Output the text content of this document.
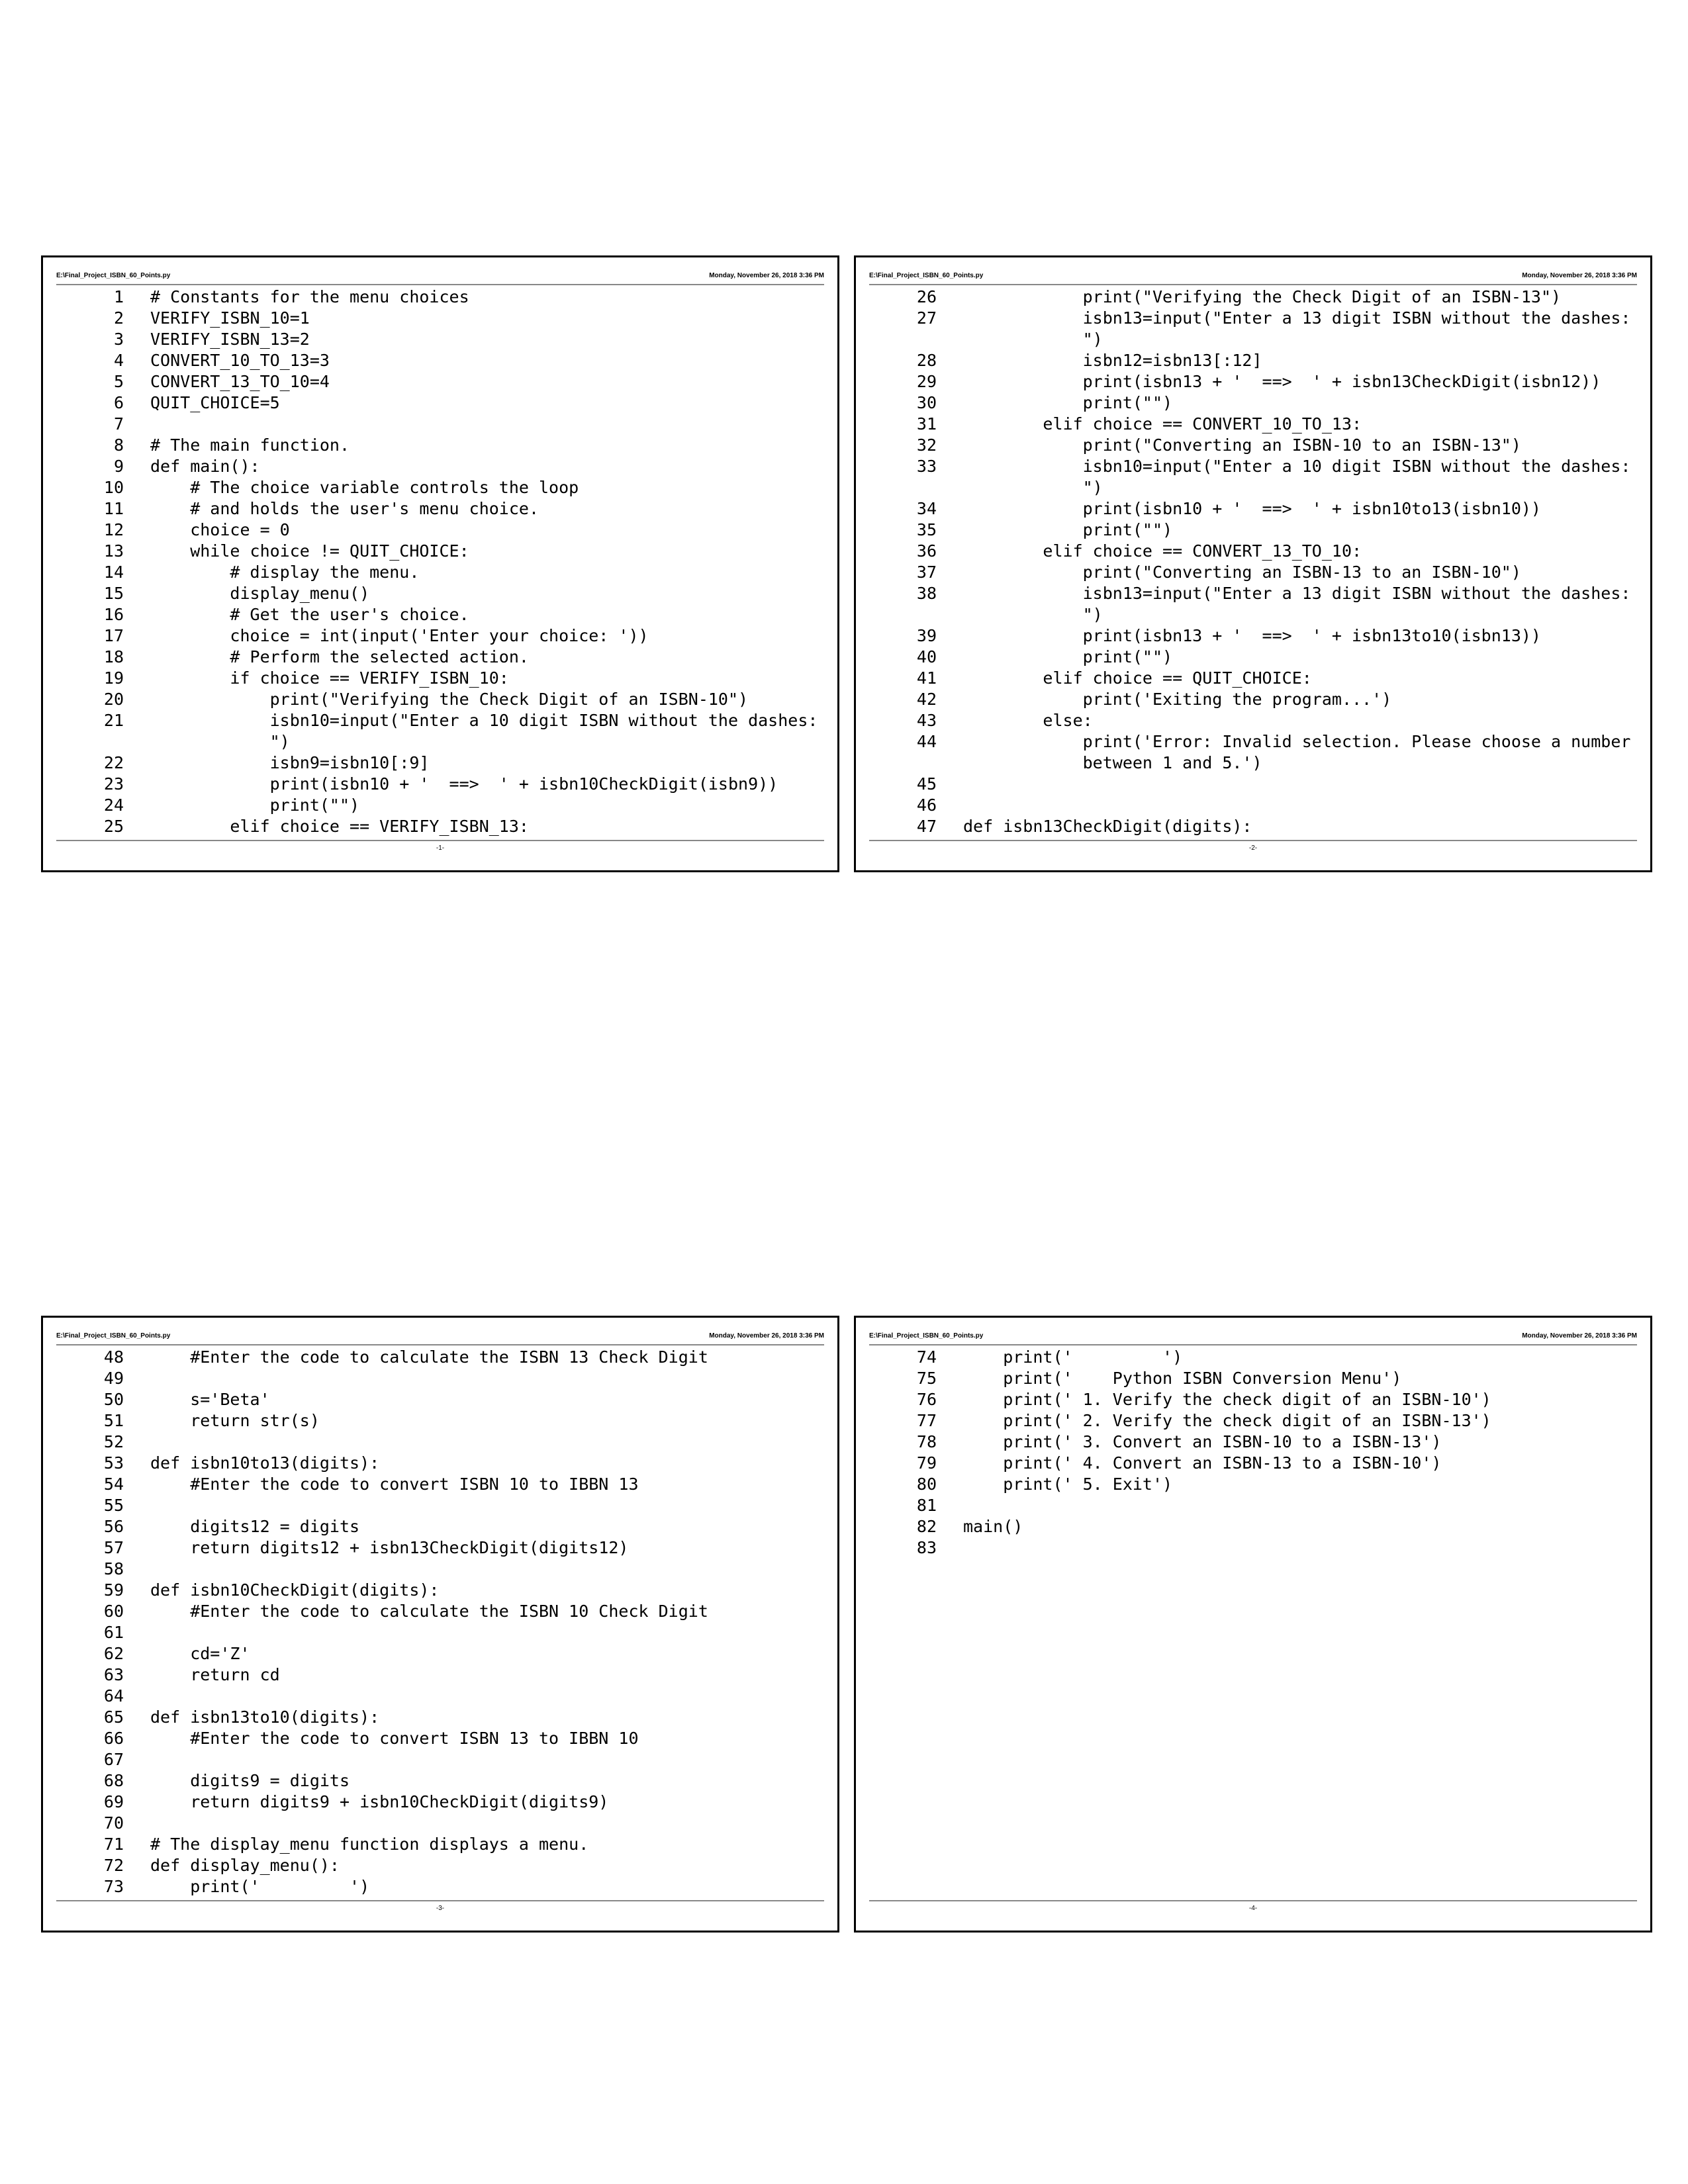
E:\Final_Project_ISBN_60_Points.py	Monday, November 26, 2018 3:36 PM
1	# Constants for the menu choices
2	VERIFY_ISBN_10=1
3	VERIFY_ISBN_13=2
4	CONVERT_10_TO_13=3
5	CONVERT_13_TO_10=4
6	QUIT_CHOICE=5
7
8	# The main function.
9	def main():
10	# The choice variable controls the loop
11	# and holds the user's menu choice.
12	choice = 0
13	while choice != QUIT_CHOICE:
14	# display the menu.
15	display_menu()
16	# Get the user's choice.
17	choice = int(input('Enter your choice: '))
18	# Perform the selected action.
19	if choice == VERIFY_ISBN_10:
20	print("Verifying the Check Digit of an ISBN-10")
21	isbn10=input("Enter a 10 digit ISBN without the dashes:
")
22	isbn9=isbn10[:9]
23	print(isbn10 + '  ==>  ' + isbn10CheckDigit(isbn9))
24	print("")
25	elif choice == VERIFY_ISBN_13:
-1-
E:\Final_Project_ISBN_60_Points.py	Monday, November 26, 2018 3:36 PM
26	print("Verifying the Check Digit of an ISBN-13")
27	isbn13=input("Enter a 13 digit ISBN without the dashes:
")
28	isbn12=isbn13[:12]
29	print(isbn13 + '  ==>  ' + isbn13CheckDigit(isbn12))
30	print("")
31	elif choice == CONVERT_10_TO_13:
32	print("Converting an ISBN-10 to an ISBN-13")
33	isbn10=input("Enter a 10 digit ISBN without the dashes:
")
34	print(isbn10 + '  ==>  ' + isbn10to13(isbn10))
35	print("")
36	elif choice == CONVERT_13_TO_10:
37	print("Converting an ISBN-13 to an ISBN-10")
38	isbn13=input("Enter a 13 digit ISBN without the dashes:
")
39	print(isbn13 + '  ==>  ' + isbn13to10(isbn13))
40	print("")
41	elif choice == QUIT_CHOICE:
42	print('Exiting the program...')
43	else:
44	print('Error: Invalid selection. Please choose a number
between 1 and 5.')
45
46
47	def isbn13CheckDigit(digits):
-2-
E:\Final_Project_ISBN_60_Points.py	Monday, November 26, 2018 3:36 PM
48	#Enter the code to calculate the ISBN 13 Check Digit
49
50	s='Beta'
51	return str(s)
52
53	def isbn10to13(digits):
54	#Enter the code to convert ISBN 10 to IBBN 13
55
56	digits12 = digits
57	return digits12 + isbn13CheckDigit(digits12)
58
59	def isbn10CheckDigit(digits):
60	#Enter the code to calculate the ISBN 10 Check Digit
61
62	cd='Z'
63	return cd
64
65	def isbn13to10(digits):
66	#Enter the code to convert ISBN 13 to IBBN 10
67
68	digits9 = digits
69	return digits9 + isbn10CheckDigit(digits9)
70
71	# The display_menu function displays a menu.
72	def display_menu():
73	print('         ')
-3-
E:\Final_Project_ISBN_60_Points.py	Monday, November 26, 2018 3:36 PM
74	print('         ')
75	print('    Python ISBN Conversion Menu')
76	print(' 1. Verify the check digit of an ISBN-10')
77	print(' 2. Verify the check digit of an ISBN-13')
78	print(' 3. Convert an ISBN-10 to a ISBN-13')
79	print(' 4. Convert an ISBN-13 to a ISBN-10')
80	print(' 5. Exit')
81
82	main()
83
-4-
